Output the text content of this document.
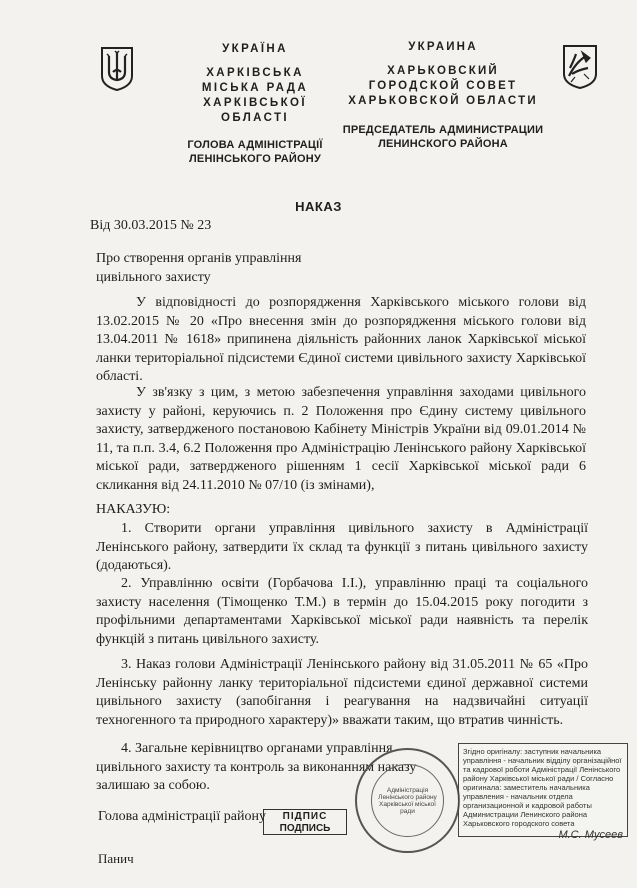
УКРАЇНА
ХАРКІВСЬКА
МІСЬКА РАДА
ХАРКІВСЬКОЇ
ОБЛАСТІ
ГОЛОВА АДМІНІСТРАЦІЇ
ЛЕНІНСЬКОГО РАЙОНУ
УКРАИНА
ХАРЬКОВСКИЙ
ГОРОДСКОЙ СОВЕТ
ХАРЬКОВСКОЙ ОБЛАСТИ
ПРЕДСЕДАТЕЛЬ АДМИНИСТРАЦИИ
ЛЕНИНСКОГО РАЙОНА
НАКАЗ
Від 30.03.2015 № 23
Про створення органів управління цивільного захисту
У відповідності до розпорядження Харківського міського голови від 13.02.2015 № 20 «Про внесення змін до розпорядження міського голови від 13.04.2011 № 1618» припинена діяльність районних ланок Харківської міської ланки територіальної підсистеми Єдиної системи цивільного захисту Харківської області.
У зв'язку з цим, з метою забезпечення управління заходами цивільного захисту у районі, керуючись п. 2 Положення про Єдину систему цивільного захисту, затвердженого постановою Кабінету Міністрів України від 09.01.2014 № 11, та п.п. 3.4, 6.2 Положення про Адміністрацію Ленінського району Харківської міської ради, затвердженого рішенням 1 сесії Харківської міської ради 6 скликання від 24.11.2010 № 07/10 (із змінами),
НАКАЗУЮ:
1. Створити органи управління цивільного захисту в Адміністрації Ленінського району, затвердити їх склад та функції з питань цивільного захисту (додаються).
2. Управлінню освіти (Горбачова І.І.), управлінню праці та соціального захисту населення (Тімощенко Т.М.) в термін до 15.04.2015 року погодити з профільними департаментами Харківської міської ради наявність та перелік функцій з питань цивільного захисту.
3. Наказ голови Адміністрації Ленінського району від 31.05.2011 № 65 «Про Ленінську районну ланку територіальної підсистеми єдиної державної системи цивільного захисту (запобігання і реагування на надзвичайні ситуації техногенного та природного характеру)» вважати таким, що втратив чинність.
4. Загальне керівництво органами управління цивільного захисту та контроль за виконанням наказу залишаю за собою.
Голова адміністрації району
Панич
Адміністрація Ленінського району Харківської міської ради
Згідно оригіналу: заступник начальника управління - начальник відділу організаційної та кадрової роботи Адміністрації Ленінського району Харківської міської ради / Согласно оригинала: заместитель начальника управления - начальник отдела организационной и кадровой работы Администрации Ленинского района Харьковского городского совета
М.С. Мусеев
ПІДПИС
ПОДПИСЬ
